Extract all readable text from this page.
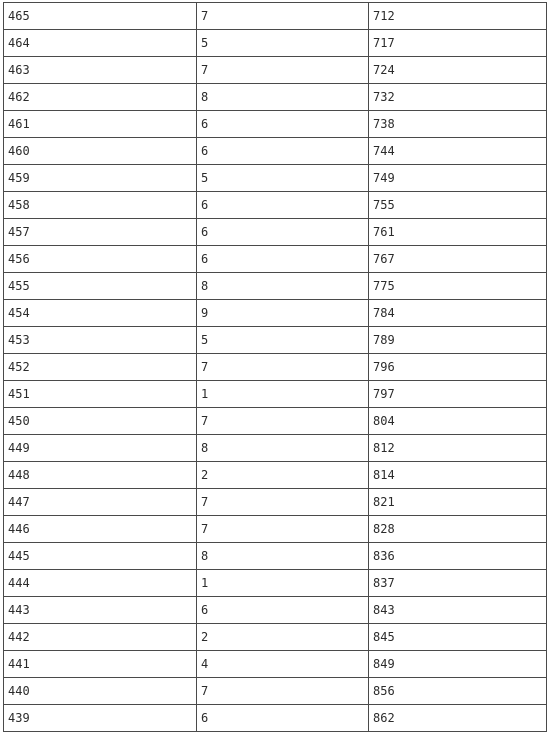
465	7	712
464	5	717
463	7	724
462	8	732
461	6	738
460	6	744
459	5	749
458	6	755
457	6	761
456	6	767
455	8	775
454	9	784
453	5	789
452	7	796
451	1	797
450	7	804
449	8	812
448	2	814
447	7	821
446	7	828
445	8	836
444	1	837
443	6	843
442	2	845
441	4	849
440	7	856
439	6	862
